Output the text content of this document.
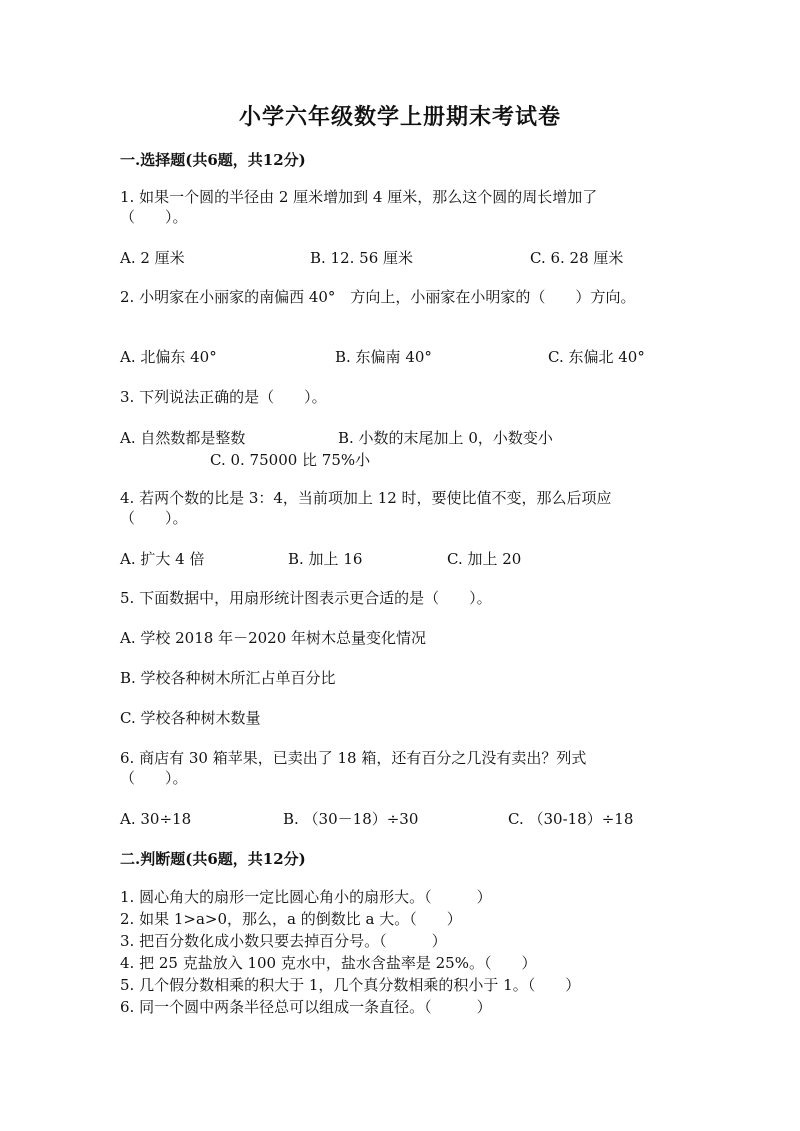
小学六年级数学上册期末考试卷
一.选择题(共6题，共12分)
1. 如果一个圆的半径由 2 厘米增加到 4 厘米，那么这个圆的周长增加了
（　　）。
A. 2 厘米	B. 12. 56 厘米	C. 6. 28 厘米
2. 小明家在小丽家的南偏西 40°　方向上，小丽家在小明家的（　　）方向。
A. 北偏东 40°	B. 东偏南 40°	C. 东偏北 40°
3. 下列说法正确的是（　　）。
A. 自然数都是整数	B. 小数的末尾加上 0，小数变小
C. 0. 75000 比 75%小
4. 若两个数的比是 3：4，当前项加上 12 时，要使比值不变，那么后项应
（　　）。
A. 扩大 4 倍	B. 加上 16	C. 加上 20
5. 下面数据中，用扇形统计图表示更合适的是（　　）。
A. 学校 2018 年－2020 年树木总量变化情况
B. 学校各种树木所汇占单百分比
C. 学校各种树木数量
6. 商店有 30 箱苹果，已卖出了 18 箱，还有百分之几没有卖出？列式
（　　）。
A. 30÷18	B. （30－18）÷30	C. （30-18）÷18
二.判断题(共6题，共12分)
1. 圆心角大的扇形一定比圆心角小的扇形大。（　　　）
2. 如果 1>a>0，那么，a 的倒数比 a 大。（　　）
3. 把百分数化成小数只要去掉百分号。（　　　）
4. 把 25 克盐放入 100 克水中，盐水含盐率是 25%。（　　）
5. 几个假分数相乘的积大于 1，几个真分数相乘的积小于 1。（　　）
6. 同一个圆中两条半径总可以组成一条直径。（　　　）
